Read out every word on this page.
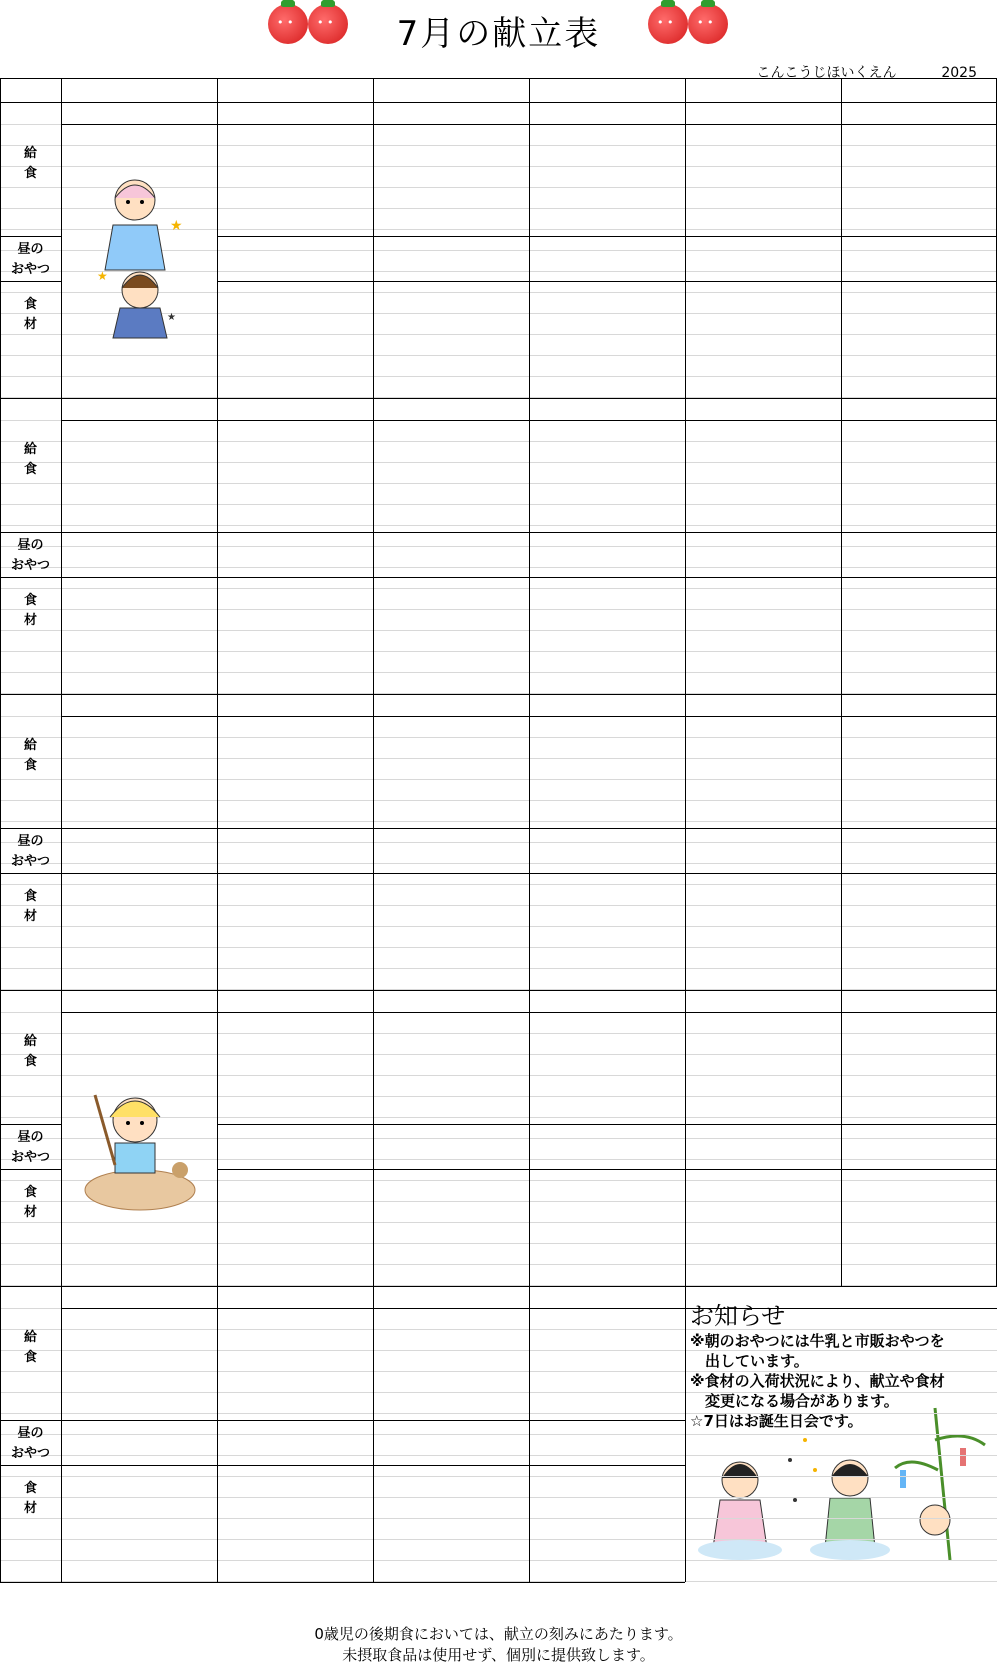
• •
• •
7月の献立表
• •
• •
こんこうじほいくえん	2025
お知らせ

※朝のおやつには牛乳と市販おやつを

　出しています。

※食材の入荷状況により、献立や食材

　変更になる場合があります。

☆7日はお誕生日会です。

0歳児の後期食においては、献立の刻みにあたります。
未摂取食品は使用せず、個別に提供致します。
給
食
昼の
おやつ
食
材
給
食
昼の
おやつ
食
材
給
食
昼の
おやつ
食
材
給
食
昼の
おやつ
食
材
給
食
昼の
おやつ
食
材
★
★
★
